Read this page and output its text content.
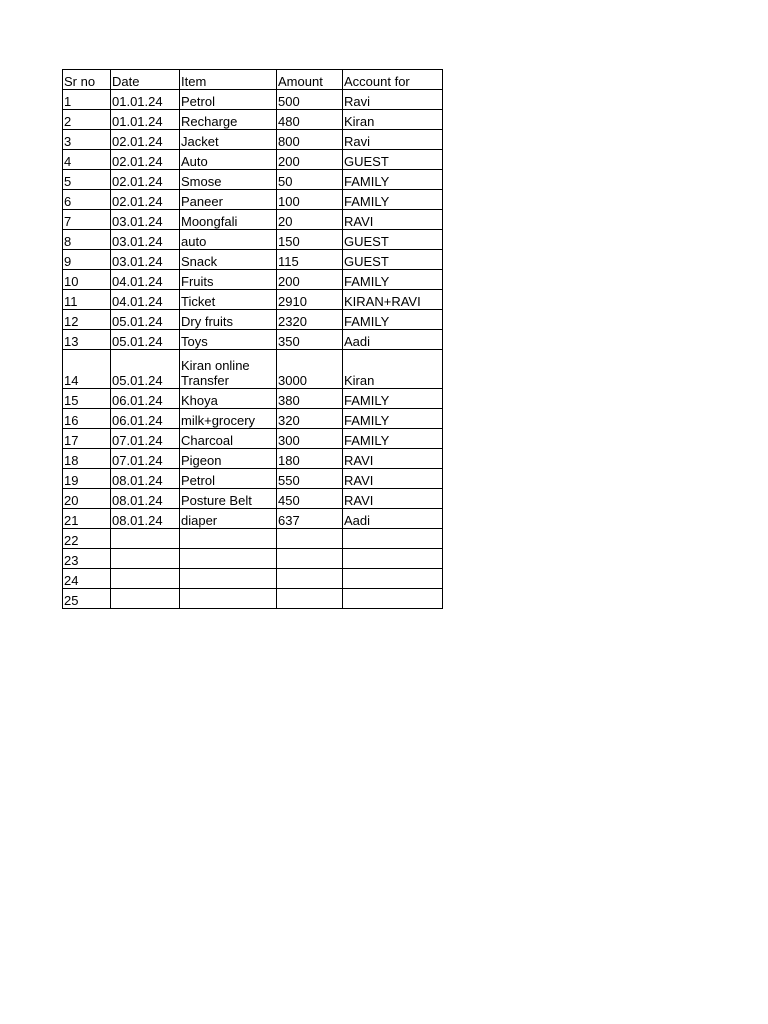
Sr no	Date	Item	Amount	Account for
1	01.01.24	Petrol	500	Ravi
2	01.01.24	Recharge	480	Kiran
3	02.01.24	Jacket	800	Ravi
4	02.01.24	Auto	200	GUEST
5	02.01.24	Smose	50	FAMILY
6	02.01.24	Paneer	100	FAMILY
7	03.01.24	Moongfali	20	RAVI
8	03.01.24	auto	150	GUEST
9	03.01.24	Snack	115	GUEST
10	04.01.24	Fruits	200	FAMILY
11	04.01.24	Ticket	2910	KIRAN+RAVI
12	05.01.24	Dry fruits	2320	FAMILY
13	05.01.24	Toys	350	Aadi
14	05.01.24	Kiran online Transfer	3000	Kiran
15	06.01.24	Khoya	380	FAMILY
16	06.01.24	milk+grocery	320	FAMILY
17	07.01.24	Charcoal	300	FAMILY
18	07.01.24	Pigeon	180	RAVI
19	08.01.24	Petrol	550	RAVI
20	08.01.24	Posture Belt	450	RAVI
21	08.01.24	diaper	637	Aadi
22				
23				
24				
25				
